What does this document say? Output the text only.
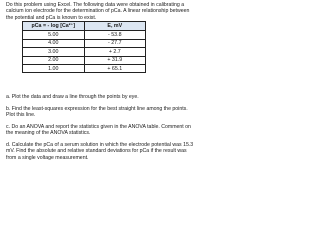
Do this problem using Excel. The following data were obtained in calibrating a calcium ion electrode for the determination of pCa. A linear relationship between the potential and pCa is known to exist.
pCa = - log [Ca²⁺]	E, mV
5.00	- 53.8
4.00	- 27.7
3.00	+ 2.7
2.00	+ 31.9
1.00	+ 65.1
a. Plot the data and draw a line through the points by eye.
b. Find the least-squares expression for the best straight line among the points. Plot this line.
c. Do an ANOVA and report the statistics given in the ANOVA table. Comment on the meaning of the ANOVA statistics.
d. Calculate the pCa of a serum solution in which the electrode potential was 15.3 mV. Find the absolute and relative standard deviations for pCa if the result was from a single voltage measurement.
